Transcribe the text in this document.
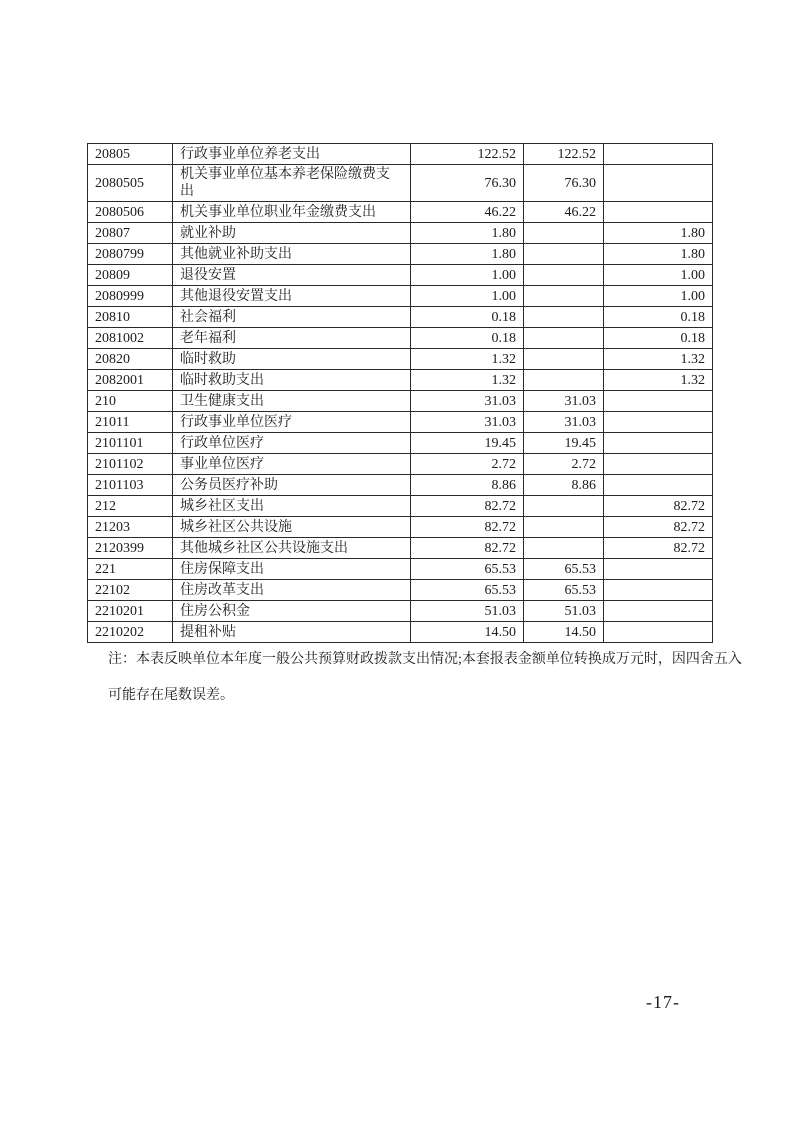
20805	行政事业单位养老支出	122.52	122.52	
2080505	机关事业单位基本养老保险缴费支出	76.30	76.30	
2080506	机关事业单位职业年金缴费支出	46.22	46.22	
20807	就业补助	1.80		1.80
2080799	其他就业补助支出	1.80		1.80
20809	退役安置	1.00		1.00
2080999	其他退役安置支出	1.00		1.00
20810	社会福利	0.18		0.18
2081002	老年福利	0.18		0.18
20820	临时救助	1.32		1.32
2082001	临时救助支出	1.32		1.32
210	卫生健康支出	31.03	31.03	
21011	行政事业单位医疗	31.03	31.03	
2101101	行政单位医疗	19.45	19.45	
2101102	事业单位医疗	2.72	2.72	
2101103	公务员医疗补助	8.86	8.86	
212	城乡社区支出	82.72		82.72
21203	城乡社区公共设施	82.72		82.72
2120399	其他城乡社区公共设施支出	82.72		82.72
221	住房保障支出	65.53	65.53	
22102	住房改革支出	65.53	65.53	
2210201	住房公积金	51.03	51.03	
2210202	提租补贴	14.50	14.50	
注：本表反映单位本年度一般公共预算财政拨款支出情况;本套报表金额单位转换成万元时，因四舍五入
可能存在尾数误差。
-17-
